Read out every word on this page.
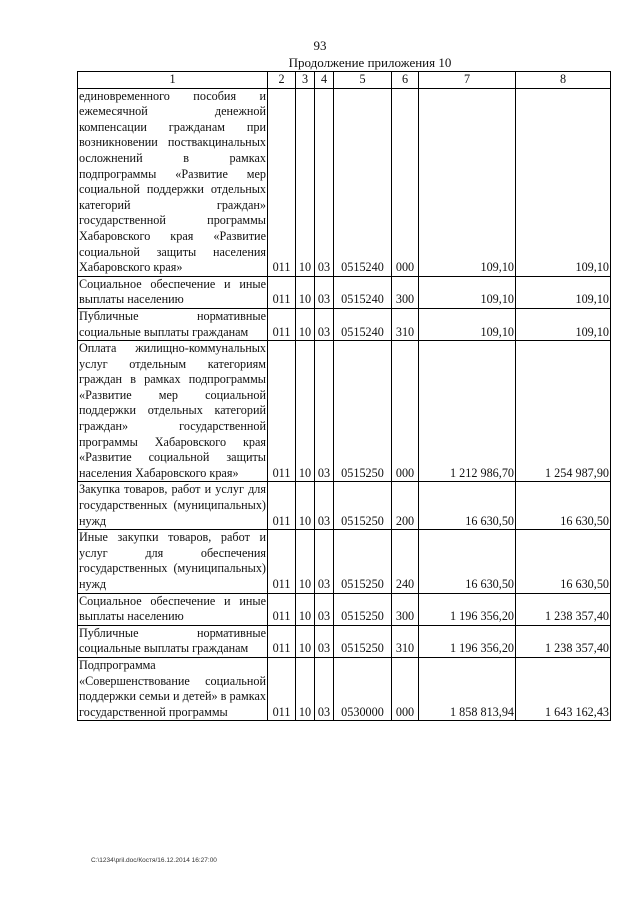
93
Продолжение приложения 10
1	2	3	4	5	6	7	8
единовременного пособия и ежемесячной денежной компенсации гражданам при возникновении поствакцинальных осложнений в рамках подпрограммы «Развитие мер социальной поддержки отдельных категорий граждан» государственной программы Хабаровского края «Развитие социальной защиты населения Хабаровского края»	011	10	03	0515240	000	109,10	109,10
Социальное обеспечение и иные выплаты населению	011	10	03	0515240	300	109,10	109,10
Публичные нормативные социальные выплаты гражданам	011	10	03	0515240	310	109,10	109,10
Оплата жилищно-коммунальных услуг отдельным категориям граждан в рамках подпрограммы «Развитие мер социальной поддержки отдельных категорий граждан» государственной программы Хабаровского края «Развитие социальной защиты населения Хабаровского края»	011	10	03	0515250	000	1 212 986,70	1 254 987,90
Закупка товаров, работ и услуг для государственных (муниципальных) нужд	011	10	03	0515250	200	16 630,50	16 630,50
Иные закупки товаров, работ и услуг для обеспечения государственных (муниципальных) нужд	011	10	03	0515250	240	16 630,50	16 630,50
Социальное обеспечение и иные выплаты населению	011	10	03	0515250	300	1 196 356,20	1 238 357,40
Публичные нормативные социальные выплаты гражданам	011	10	03	0515250	310	1 196 356,20	1 238 357,40
Подпрограмма «Совершенствование социальной поддержки семьи и детей» в рамках государственной программы	011	10	03	0530000	000	1 858 813,94	1 643 162,43
C:\1234\pril.doc/Костя/16.12.2014 16:27:00
